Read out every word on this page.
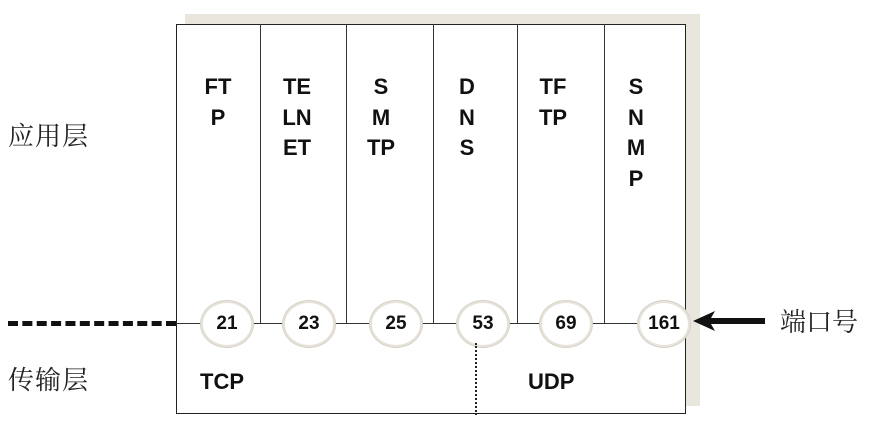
应用层
传输层
FTP
TELNET
SMTP
DNS
TFTP
SNMP
21	23	25	53	69	161
TCP	UDP
端口号
